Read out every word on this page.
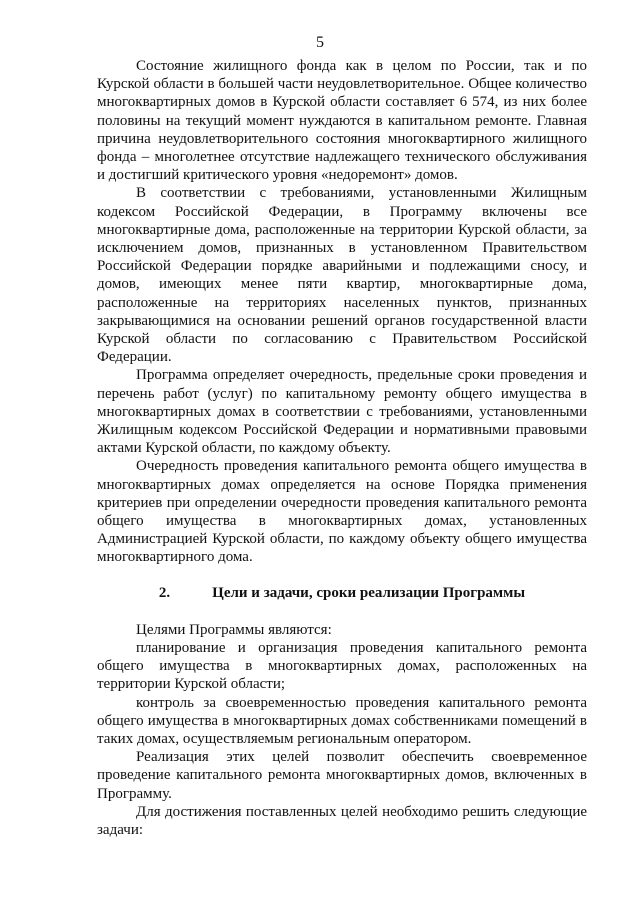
5

Состояние жилищного фонда как в целом по России, так и по Курской области в большей части неудовлетворительное. Общее количество многоквартирных домов в Курской области составляет 6 574, из них более половины на текущий момент нуждаются в капитальном ремонте. Главная причина неудовлетворительного состояния многоквартирного жилищного фонда – многолетнее отсутствие надлежащего технического обслуживания и достигший критического уровня «недоремонт» домов.

В соответствии с требованиями, установленными Жилищным кодексом Российской Федерации, в Программу включены все многоквартирные дома, расположенные на территории Курской области, за исключением домов, признанных в установленном Правительством Российской Федерации порядке аварийными и подлежащими сносу, и домов, имеющих менее пяти квартир, многоквартирные дома, расположенные на территориях населенных пунктов, признанных закрывающимися на основании решений органов государственной власти Курской области по согласованию с Правительством Российской Федерации.

Программа определяет очередность, предельные сроки проведения и перечень работ (услуг) по капитальному ремонту общего имущества в многоквартирных домах в соответствии с требованиями, установленными Жилищным кодексом Российской Федерации и нормативными правовыми актами Курской области, по каждому объекту.

Очередность проведения капитального ремонта общего имущества в многоквартирных домах определяется на основе Порядка применения критериев при определении очередности проведения капитального ремонта общего имущества в многоквартирных домах, установленных Администрацией Курской области, по каждому объекту общего имущества многоквартирного дома.

2.	Цели и задачи, сроки реализации Программы

Целями Программы являются:

планирование и организация проведения капитального ремонта общего имущества в многоквартирных домах, расположенных на территории Курской области;

контроль за своевременностью проведения капитального ремонта общего имущества в многоквартирных домах собственниками помещений в таких домах, осуществляемым региональным оператором.

Реализация этих целей позволит обеспечить своевременное проведение капитального ремонта многоквартирных домов, включенных в Программу.

Для достижения поставленных целей необходимо решить следующие задачи:
